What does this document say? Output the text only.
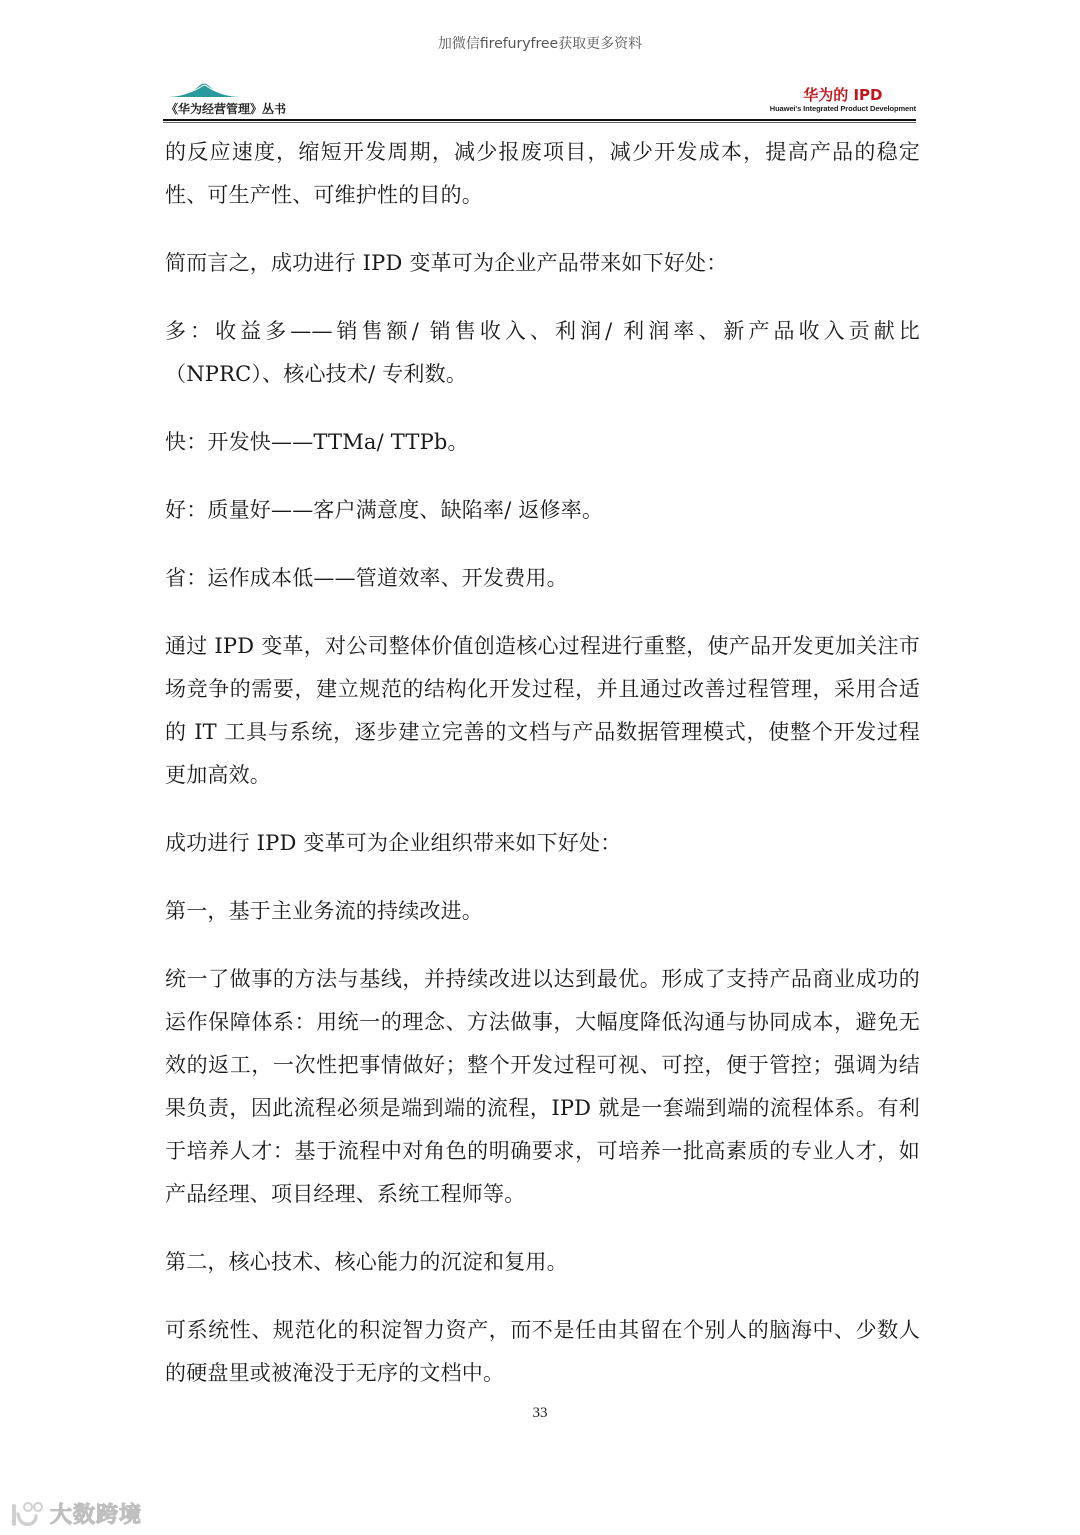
加微信firefuryfree获取更多资料
《华为经营管理》丛书
华为的 IPD
Huawei's Integrated Product Development

的反应速度，缩短开发周期，减少报废项目，减少开发成本，提高产品的稳定性、可生产性、可维护性的目的。

简而言之，成功进行 IPD 变革可为企业产品带来如下好处：

多：收益多——销售额/ 销售收入、利润/ 利润率、新产品收入贡献比（NPRC）、核心技术/ 专利数。

快：开发快——TTMa/ TTPb。

好：质量好——客户满意度、缺陷率/ 返修率。

省：运作成本低——管道效率、开发费用。

通过 IPD 变革，对公司整体价值创造核心过程进行重整，使产品开发更加关注市场竞争的需要，建立规范的结构化开发过程，并且通过改善过程管理，采用合适的 IT 工具与系统，逐步建立完善的文档与产品数据管理模式，使整个开发过程更加高效。

成功进行 IPD 变革可为企业组织带来如下好处：

第一，基于主业务流的持续改进。

统一了做事的方法与基线，并持续改进以达到最优。形成了支持产品商业成功的运作保障体系：用统一的理念、方法做事，大幅度降低沟通与协同成本，避免无效的返工，一次性把事情做好；整个开发过程可视、可控，便于管控；强调为结果负责，因此流程必须是端到端的流程，IPD 就是一套端到端的流程体系。有利于培养人才：基于流程中对角色的明确要求，可培养一批高素质的专业人才，如产品经理、项目经理、系统工程师等。

第二，核心技术、核心能力的沉淀和复用。

可系统性、规范化的积淀智力资产，而不是任由其留在个别人的脑海中、少数人的硬盘里或被淹没于无序的文档中。

33
大数跨境
